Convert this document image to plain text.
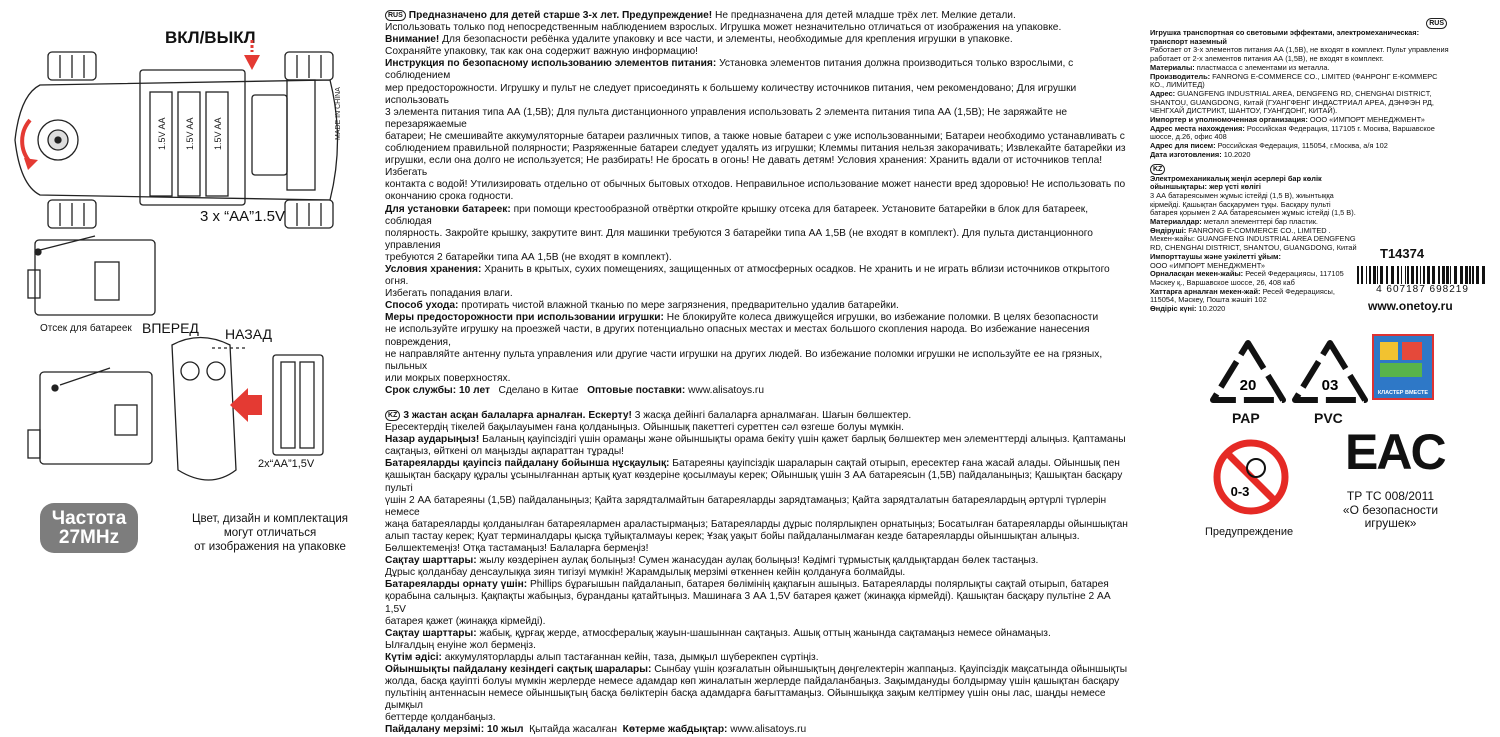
ВКЛ/ВЫКЛ
1.5V AA 1.5V AA 1.5V AA	MADE IN CHINA
3 x “AA”1.5V
Отсек для батареек ВПЕРЕД НАЗАД
2x“AA”1,5V
Частота
27MHz
Цвет, дизайн и комплектация
могут отличаться
от изображения на упаковке

RUS Предназначено для детей старше 3-х лет. Предупреждение! Не предназначена для детей младше трёх лет. Мелкие детали.

Использовать только под непосредственным наблюдением взрослых. Игрушка может незначительно отличаться от изображения на упаковке.

Внимание! Для безопасности ребёнка удалите упаковку и все части, и элементы, необходимые для крепления игрушки в упаковке.

Сохраняйте упаковку, так как она содержит важную информацию!

Инструкция по безопасному использованию элементов питания: Установка элементов питания должна производиться только взрослыми, с соблюдением

мер предосторожности. Игрушку и пульт не следует присоединять к большему количеству источников питания, чем рекомендовано; Для игрушки использовать

3 элемента питания типа АА (1,5В); Для пульта дистанционного управления использовать 2 элемента питания типа АА (1,5В); Не заряжайте не перезаряжаемые

батареи; Не смешивайте аккумуляторные батареи различных типов, а также новые батареи с уже использованными; Батареи необходимо устанавливать с

соблюдением правильной полярности; Разряженные батареи следует удалять из игрушки; Клеммы питания нельзя закорачивать; Извлекайте батарейки из

игрушки, если она долго не используется; Не разбирать! Не бросать в огонь! Не давать детям! Условия хранения: Хранить вдали от источников тепла! Избегать

контакта с водой! Утилизировать отдельно от обычных бытовых отходов. Неправильное использование может нанести вред здоровью! Не использовать по

окончанию срока годности.

Для установки батареек: при помощи крестообразной отвёртки откройте крышку отсека для батареек. Установите батарейки в блок для батареек, соблюдая

полярность. Закройте крышку, закрутите винт. Для машинки требуются 3 батарейки типа АА 1,5В (не входят в комплект). Для пульта дистанционного управления

требуются 2 батарейки типа АА 1,5В (не входят в комплект).

Условия хранения: Хранить в крытых, сухих помещениях, защищенных от атмосферных осадков. Не хранить и не играть вблизи источников открытого огня.

Избегать попадания влаги.

Способ ухода: протирать чистой влажной тканью по мере загрязнения, предварительно удалив батарейки.

Меры предосторожности при использовании игрушки: Не блокируйте колеса движущейся игрушки, во избежание поломки. В целях безопасности

не используйте игрушку на проезжей части, в других потенциально опасных местах и местах большого скопления народа. Во избежание нанесения повреждения,

не направляйте антенну пульта управления или другие части игрушки на других людей. Во избежание поломки игрушки не используйте ее на грязных, пыльных

или мокрых поверхностях.

Срок службы: 10 лет   Сделано в Китае   Оптовые поставки: www.alisatoys.ru

KZ 3 жастан асқан балаларға арналған. Ескерту! 3 жасқа дейінгі балаларға арналмаған. Шағын бөлшектер.

Ересектердің тікелей бақылауымен ғана қолданыңыз. Ойыншық пакеттегі суреттен сәл өзгеше болуы мүмкін.

Назар аударыңыз! Баланың қауіпсіздігі үшін орамаңы және ойыншықты орама бекіту үшін қажет барлық бөлшектер мен элементтерді алыңыз. Қаптаманы

сақтаңыз, өйткені ол маңызды ақпараттан тұрады!

Батареяларды қауіпсіз пайдалану бойынша нұсқаулық: Батареяны қауіпсіздік шараларын сақтай отырып, ересектер ғана жасай алады. Ойыншық пен

қашықтан басқару құралы ұсынылғаннан артық қуат көздеріне қосылмауы керек; Ойыншық үшін 3 АА батареясын (1,5В) пайдаланыңыз; Қашықтан басқару пульті

үшін 2 АА батареяны (1,5В) пайдаланыңыз; Қайта зарядталмайтын батареяларды зарядтамаңыз; Қайта зарядталатын батареялардың әртүрлі түрлерін немесе

жаңа батареяларды қолданылған батареялармен араластырмаңыз; Батареяларды дұрыс полярлықпен орнатыңыз; Босатылған батареяларды ойыншықтан

алып тастау керек; Қуат терминалдары қысқа тұйықталмауы керек; Ұзақ уақыт бойы пайдаланылмаған кезде батареяларды ойыншықтан алыңыз.

Бөлшектемеңіз! Отқа тастамаңыз! Балаларға бермеңіз!

Сақтау шарттары: жылу көздерінен аулақ болыңыз! Сумен жанасудан аулақ болыңыз! Кәдімгі тұрмыстық қалдықтардан бөлек тастаңыз.

Дұрыс қолданбау денсаулыққа зиян тигізуі мүмкін! Жарамдылық мерзімі өткеннен кейін қолдануға болмайды.

Батареяларды орнату үшін: Phillips бұрағышын пайдаланып, батарея бөлімінің қақпағын ашыңыз. Батареяларды полярлықты сақтай отырып, батарея

қорабына салыңыз. Қақпақты жабыңыз, бұранданы қатайтыңыз. Машинаға 3 АА 1,5V батарея қажет (жинаққа кірмейді). Қашықтан басқару пультіне 2 АА 1,5V

батарея қажет (жинаққа кірмейді).

Сақтау шарттары: жабық, құрғақ жерде, атмосфералық жауын-шашыннан сақтаңыз. Ашық оттың жанында сақтамаңыз немесе ойнамаңыз.

Ылғалдың енуіне жол бермеңіз.

Күтім әдісі: аккумуляторларды алып тастағаннан кейін, таза, дымқыл шүберекпен сүртіңіз.

Ойыншықты пайдалану кезіндегі сақтық шаралары: Сынбау үшін қозғалатын ойыншықтың дөңгелектерін жаппаңыз. Қауіпсіздік мақсатында ойыншықты

жолда, басқа қауіпті болуы мүмкін жерлерде немесе адамдар көп жиналатын жерлерде пайдаланбаңыз. Зақымдануды болдырмау үшін қашықтан басқару

пультінің антеннасын немесе ойыншықтың басқа бөліктерін басқа адамдарға бағыттамаңыз. Ойыншыққа зақым келтірмеу үшін оны лас, шаңды немесе дымқыл

беттерде қолданбаңыз.

Пайдалану мерзімі: 10 жыл  Қытайда жасалған  Көтерме жабдықтар: www.alisatoys.ru

RUS

Игрушка транспортная со световыми эффектами, электромеханическая: транспорт наземный

Работает от 3-х элементов питания АА (1,5В), не входят в комплект. Пульт управления работает от 2-х элементов питания АА (1,5В), не входят в комплект.

Материалы: пластмасса с элементами из металла.

Производитель: FANRONG E-COMMERCE CO., LIMITED (ФАНРОНГ Е-КОММЕРС КО., ЛИМИТЕД)

Адрес: GUANGFENG INDUSTRIAL AREA, DENGFENG RD, CHENGHAI DISTRICT, SHANTOU, GUANGDONG, Китай (ГУАНГФЕНГ ИНДАСТРИАЛ АРЕА, ДЭНФЭН РД, ЧЕНГХАЙ ДИСТРИКТ, ШАНТОУ, ГУАНГДОНГ, КИТАЙ).

Импортер и уполномоченная организация: ООО «ИМПОРТ МЕНЕДЖМЕНТ»

Адрес места нахождения: Российская Федерация, 117105 г. Москва, Варшавское шоссе, д.26, офис 408

Адрес для писем: Российская Федерация, 115054, г.Москва, а/я 102

Дата изготовления: 10.2020

KZ

Электромеханикалық жеңіл әсерлері бар көлік ойыншықтары: жер үсті көлігі

3 АА батареясымен жұмыс істейді (1,5 В), жиынтыққа кірмейді. Қашықтан басқарумен тұқы. Басқару пульті батарея қорымен 2 АА батареясымен жұмыс істейді (1,5 В).

Материалдар: металл элементтері бар пластик.

Өндіруші: FANRONG E-COMMERCE CO., LIMITED .

Мекен-жайы: GUANGFENG INDUSTRIAL AREA DENGFENG RD, CHENGHAI DISTRICT, SHANTOU, GUANGDONG, Китай

Импорттаушы және уәкілетті ұйым:

ООО «ИМПОРТ МЕНЕДЖМЕНТ»

Орналасқан мекен-жайы: Ресей Федерациясы, 117105 Мәскеу қ., Варшавское шоссе, 26, 408 каб

Хаттарға арналған мекен-жай: Ресей Федерациясы, 115054, Мәскеу, Пошта жәшігі 102

Өндіріс күні: 10.2020

T14374
4 607187 698219
www.onetoy.ru
20
PAP
03
PVC
КЛАСТЕР ВМЕСТЕ
0-3
Предупреждение
EAC
ТР ТС 008/2011
«О безопасности
игрушек»
